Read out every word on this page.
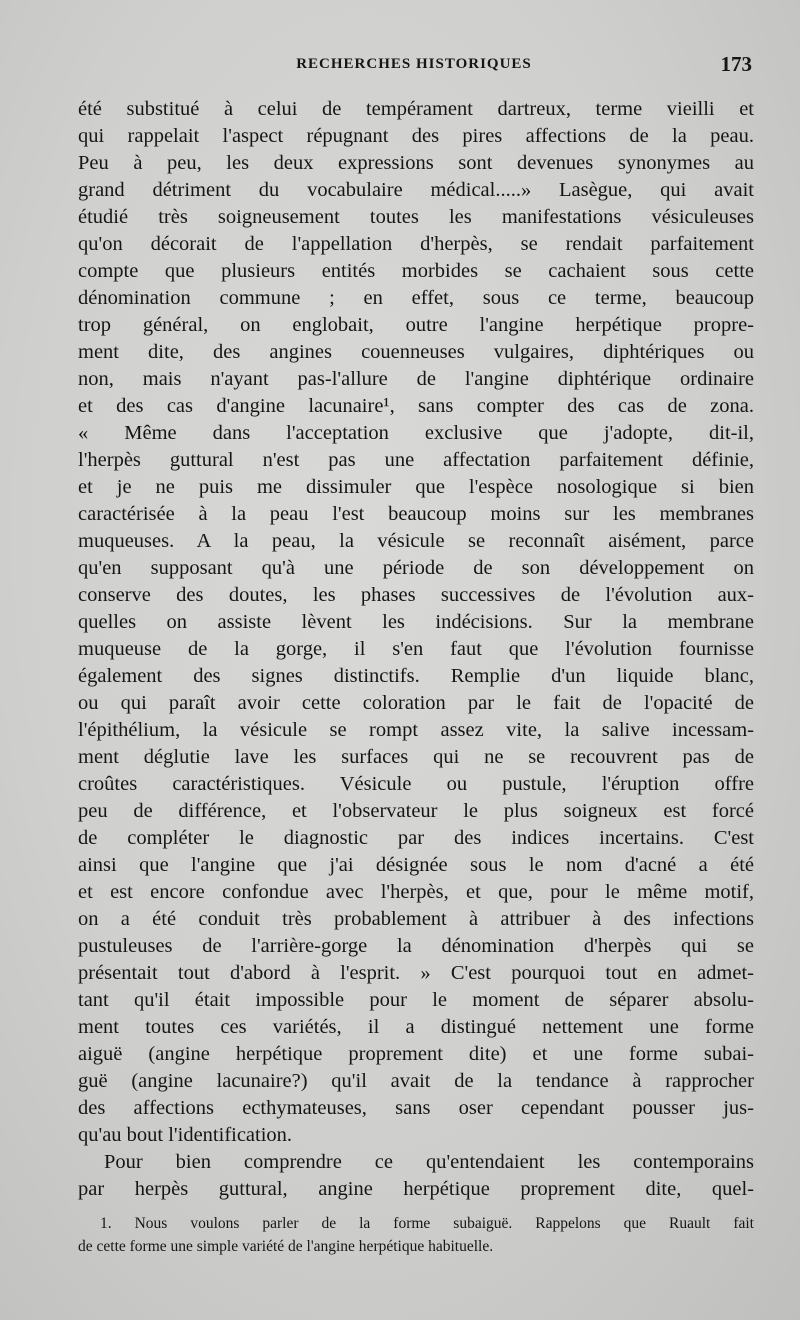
RECHERCHES HISTORIQUES	173
été substitué à celui de tempérament dartreux, terme vieilli et
qui rappelait l'aspect répugnant des pires affections de la peau.
Peu à peu, les deux expressions sont devenues synonymes au
grand détriment du vocabulaire médical.....» Lasègue, qui avait
étudié très soigneusement toutes les manifestations vésiculeuses
qu'on décorait de l'appellation d'herpès, se rendait parfaitement
compte que plusieurs entités morbides se cachaient sous cette
dénomination commune ; en effet, sous ce terme, beaucoup
trop général, on englobait, outre l'angine herpétique propre-
ment dite, des angines couenneuses vulgaires, diphtériques ou
non, mais n'ayant pas-l'allure de l'angine diphtérique ordinaire
et des cas d'angine lacunaire¹, sans compter des cas de zona.
« Même dans l'acceptation exclusive que j'adopte, dit-il,
l'herpès guttural n'est pas une affectation parfaitement définie,
et je ne puis me dissimuler que l'espèce nosologique si bien
caractérisée à la peau l'est beaucoup moins sur les membranes
muqueuses. A la peau, la vésicule se reconnaît aisément, parce
qu'en supposant qu'à une période de son développement on
conserve des doutes, les phases successives de l'évolution aux-
quelles on assiste lèvent les indécisions. Sur la membrane
muqueuse de la gorge, il s'en faut que l'évolution fournisse
également des signes distinctifs. Remplie d'un liquide blanc,
ou qui paraît avoir cette coloration par le fait de l'opacité de
l'épithélium, la vésicule se rompt assez vite, la salive incessam-
ment déglutie lave les surfaces qui ne se recouvrent pas de
croûtes caractéristiques. Vésicule ou pustule, l'éruption offre
peu de différence, et l'observateur le plus soigneux est forcé
de compléter le diagnostic par des indices incertains. C'est
ainsi que l'angine que j'ai désignée sous le nom d'acné a été
et est encore confondue avec l'herpès, et que, pour le même motif,
on a été conduit très probablement à attribuer à des infections
pustuleuses de l'arrière-gorge la dénomination d'herpès qui se
présentait tout d'abord à l'esprit. » C'est pourquoi tout en admet-
tant qu'il était impossible pour le moment de séparer absolu-
ment toutes ces variétés, il a distingué nettement une forme
aiguë (angine herpétique proprement dite) et une forme subai-
guë (angine lacunaire?) qu'il avait de la tendance à rapprocher
des affections ecthymateuses, sans oser cependant pousser jus-
qu'au bout l'identification.
Pour bien comprendre ce qu'entendaient les contemporains
par herpès guttural, angine herpétique proprement dite, quel-
1. Nous voulons parler de la forme subaiguë. Rappelons que Ruault fait
de cette forme une simple variété de l'angine herpétique habituelle.
